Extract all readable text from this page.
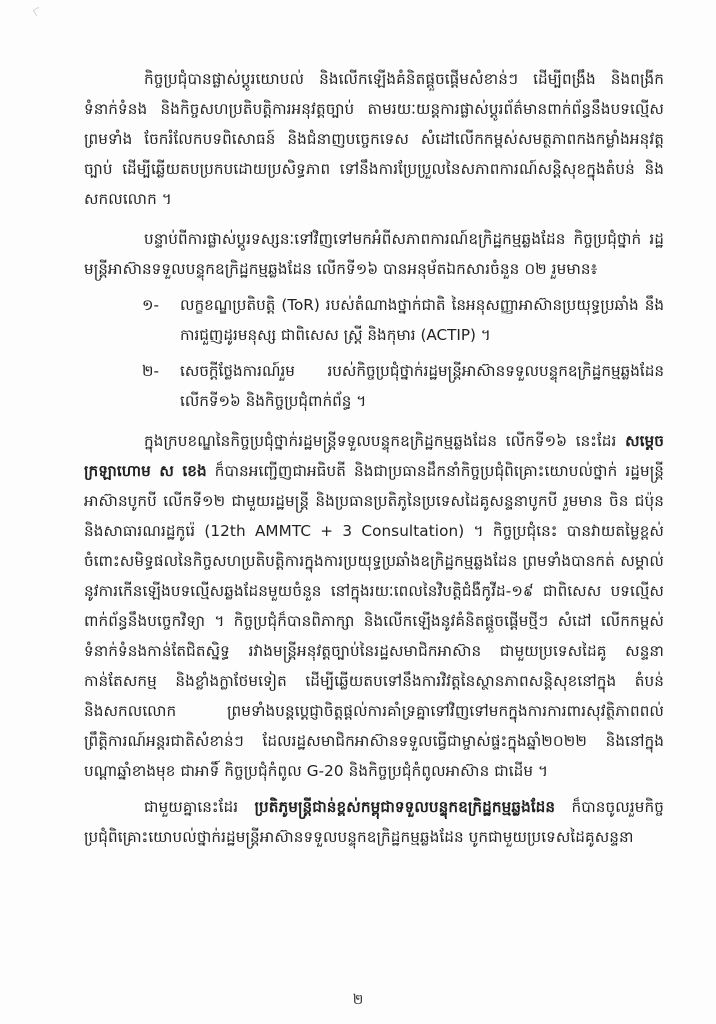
កិច្ចប្រជុំបានផ្លាស់ប្តូរយោបល់ និងលើកឡើងគំនិតផ្តួចផ្តើមសំខាន់ៗ ដើម្បីពង្រឹង និងពង្រីក ទំនាក់ទំនង និងកិច្ចសហប្រតិបត្តិការអនុវត្តច្បាប់ តាមរយៈយន្តការផ្លាស់ប្តូរព័ត៌មានពាក់ព័ន្ធនឹងបទល្មើស ព្រមទាំង ចែករំលែកបទពិសោធន៍ និងជំនាញបច្ចេកទេស សំដៅលើកកម្ពស់សមត្ថភាពកងកម្លាំងអនុវត្តច្បាប់ ដើម្បីឆ្លើយតបប្រកបដោយប្រសិទ្ធភាព ទៅនឹងការប្រែប្រួលនៃសភាពការណ៍សន្តិសុខក្នុងតំបន់ និង សកលលោក ។

បន្ទាប់ពីការផ្លាស់ប្តូរទស្សនៈទៅវិញទៅមកអំពីសភាពការណ៍ឧក្រិដ្ឋកម្មឆ្លងដែន កិច្ចប្រជុំថ្នាក់ រដ្ឋមន្ត្រីអាស៊ានទទួលបន្ទុកឧក្រិដ្ឋកម្មឆ្លងដែន លើកទី១៦ បានអនុម័តឯកសារចំនួន ០២ រួមមាន៖

១-	លក្ខខណ្ឌប្រតិបត្តិ (ToR) របស់តំណាងថ្នាក់ជាតិ នៃអនុសញ្ញាអាស៊ានប្រយុទ្ធប្រឆាំង នឹងការជួញដូរមនុស្ស ជាពិសេស ស្ត្រី និងកុមារ (ACTIP) ។
២-	សេចក្តីថ្លែងការណ៍រួម របស់កិច្ចប្រជុំថ្នាក់រដ្ឋមន្ត្រីអាស៊ានទទួលបន្ទុកឧក្រិដ្ឋកម្មឆ្លងដែន លើកទី១៦ និងកិច្ចប្រជុំពាក់ព័ន្ធ ។

ក្នុងក្របខណ្ឌនៃកិច្ចប្រជុំថ្នាក់រដ្ឋមន្ត្រីទទួលបន្ទុកឧក្រិដ្ឋកម្មឆ្លងដែន លើកទី១៦ នេះដែរ សម្តេចក្រឡាហោម ស ខេង ក៏បានអញ្ជើញជាអធិបតី និងជាប្រធានដឹកនាំកិច្ចប្រជុំពិគ្រោះយោបល់ថ្នាក់ រដ្ឋមន្ត្រីអាស៊ានបូកបី លើកទី១២ ជាមួយរដ្ឋមន្ត្រី និងប្រធានប្រតិភូនៃប្រទេសដៃគូសន្ទនាបូកបី រួមមាន ចិន ជប៉ុន និងសាធារណរដ្ឋកូរ៉េ (12th AMMTC + 3 Consultation) ។ កិច្ចប្រជុំនេះ បានវាយតម្លៃខ្ពស់ ចំពោះសមិទ្ធផលនៃកិច្ចសហប្រតិបត្តិការក្នុងការប្រយុទ្ធប្រឆាំងឧក្រិដ្ឋកម្មឆ្លងដែន ព្រមទាំងបានកត់ សម្គាល់នូវការកើនឡើងបទល្មើសឆ្លងដែនមួយចំនួន នៅក្នុងរយៈពេលនៃវិបត្តិជំងឺកូវីដ-១៩ ជាពិសេស បទល្មើសពាក់ព័ន្ធនឹងបច្ចេកវិទ្យា ។ កិច្ចប្រជុំក៏បានពិភាក្សា និងលើកឡើងនូវគំនិតផ្តួចផ្តើមថ្មីៗ សំដៅ លើកកម្ពស់ទំនាក់ទំនងកាន់តែជិតស្និទ្ធ រវាងមន្ត្រីអនុវត្តច្បាប់នៃរដ្ឋសមាជិកអាស៊ាន ជាមួយប្រទេសដៃគូ សន្ទនា កាន់តែសកម្ម និងខ្លាំងក្លាថែមទៀត ដើម្បីឆ្លើយតបទៅនឹងការវិវត្តនៃស្ថានភាពសន្តិសុខនៅក្នុង តំបន់ និងសកលលោក ព្រមទាំងបន្តប្តេជ្ញាចិត្តផ្តល់ការគាំទ្រគ្នាទៅវិញទៅមកក្នុងការការពារសុវត្ថិភាពពល់ ព្រឹត្តិការណ៍អន្តរជាតិសំខាន់ៗ ដែលរដ្ឋសមាជិកអាស៊ានទទួលធ្វើជាម្ចាស់ផ្ទះក្នុងឆ្នាំ២០២២ និងនៅក្នុង បណ្តាឆ្នាំខាងមុខ ជាអាទិ៍ កិច្ចប្រជុំកំពូល G-20 និងកិច្ចប្រជុំកំពូលអាស៊ាន ជាដើម ។

ជាមួយគ្នានេះដែរ ប្រតិភូមន្ត្រីជាន់ខ្ពស់កម្ពុជាទទួលបន្ទុកឧក្រិដ្ឋកម្មឆ្លងដែន ក៏បានចូលរួមកិច្ច ប្រជុំពិគ្រោះយោបល់ថ្នាក់រដ្ឋមន្ត្រីអាស៊ានទទួលបន្ទុកឧក្រិដ្ឋកម្មឆ្លងដែន បូកជាមួយប្រទេសដៃគូសន្ទនា

២
